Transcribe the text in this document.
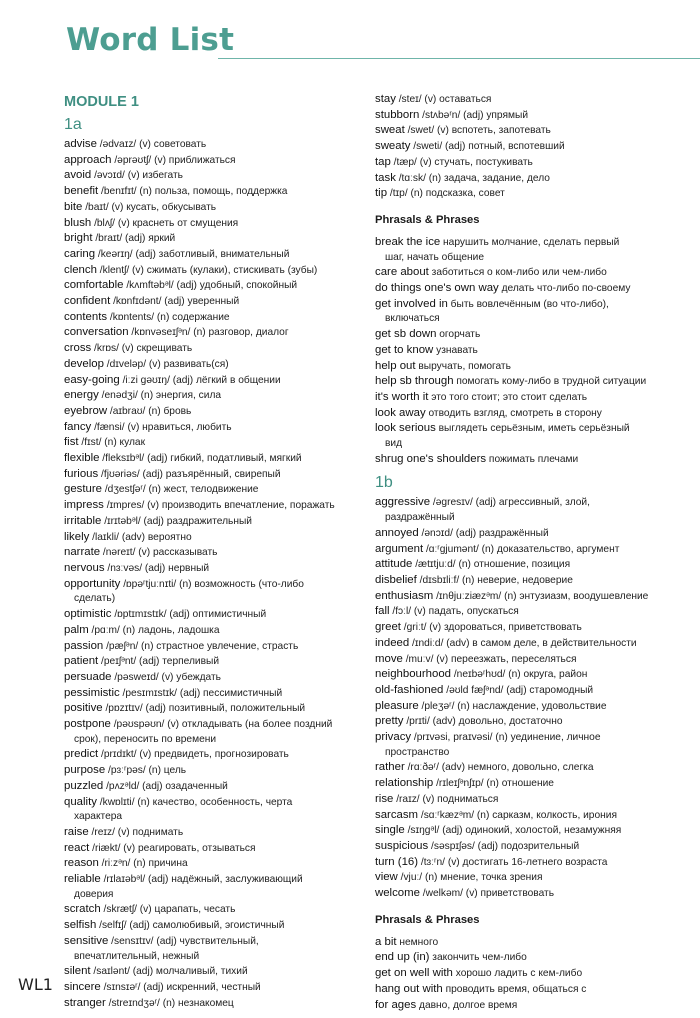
Word List
MODULE 1
1a
advise /ədvaɪz/ (v) советовать
approach /əprəʊtʃ/ (v) приближаться
avoid /əvɔɪd/ (v) избегать
benefit /benɪfɪt/ (n) польза, помощь, поддержка
bite /baɪt/ (v) кусать, обкусывать
blush /blʌʃ/ (v) краснеть от смущения
bright /braɪt/ (adj) яркий
caring /keərɪŋ/ (adj) заботливый, внимательный
clench /klentʃ/ (v) сжимать (кулаки), стискивать (зубы)
comfortable /kʌmftəbᵊl/ (adj) удобный, спокойный
confident /kɒnfɪdənt/ (adj) уверенный
contents /kɒntents/ (n) содержание
conversation /kɒnvəseɪʃᵊn/ (n) разговор, диалог
cross /krɒs/ (v) скрещивать
develop /dɪveləp/ (v) развивать(ся)
easy-going /iːzi gəʊɪŋ/ (adj) лёгкий в общении
energy /enədʒi/ (n) энергия, сила
eyebrow /aɪbraʊ/ (n) бровь
fancy /fænsi/ (v) нравиться, любить
fist /fɪst/ (n) кулак
flexible /fleksɪbᵊl/ (adj) гибкий, податливый, мягкий
furious /fjʊəriəs/ (adj) разъярённый, свирепый
gesture /dʒestʃəʳ/ (n) жест, телодвижение
impress /ɪmpres/ (v) производить впечатление, поражать
irritable /ɪrɪtəbᵊl/ (adj) раздражительный
likely /laɪkli/ (adv) вероятно
narrate /nəreɪt/ (v) рассказывать
nervous /nɜːvəs/ (adj) нервный
opportunity /ɒpəʳtjuːnɪti/ (n) возможность (что-либо
сделать)
optimistic /ɒptɪmɪstɪk/ (adj) оптимистичный
palm /pɑːm/ (n) ладонь, ладошка
passion /pæʃᵊn/ (n) страстное увлечение, страсть
patient /peɪʃᵊnt/ (adj) терпеливый
persuade /pəsweɪd/ (v) убеждать
pessimistic /pesɪmɪstɪk/ (adj) пессимистичный
positive /pɒzɪtɪv/ (adj) позитивный, положительный
postpone /pəʊspəʊn/ (v) откладывать (на более поздний
срок), переносить по времени
predict /prɪdɪkt/ (v) предвидеть, прогнозировать
purpose /pɜːʳpəs/ (n) цель
puzzled /pʌzᵊld/ (adj) озадаченный
quality /kwɒlɪti/ (n) качество, особенность, черта
характера
raise /reɪz/ (v) поднимать
react /riækt/ (v) реагировать, отзываться
reason /riːzᵊn/ (n) причина
reliable /rɪlaɪəbᵊl/ (adj) надёжный, заслуживающий
доверия
scratch /skrætʃ/ (v) царапать, чесать
selfish /selfɪʃ/ (adj) самолюбивый, эгоистичный
sensitive /sensɪtɪv/ (adj) чувствительный,
впечатлительный, нежный
silent /saɪlənt/ (adj) молчаливый, тихий
sincere /sɪnsɪəʳ/ (adj) искренний, честный
stranger /streɪndʒəʳ/ (n) незнакомец
stay /steɪ/ (v) оставаться
stubborn /stʌbəʳn/ (adj) упрямый
sweat /swet/ (v) вспотеть, запотевать
sweaty /sweti/ (adj) потный, вспотевший
tap /tæp/ (v) стучать, постукивать
task /tɑːsk/ (n) задача, задание, дело
tip /tɪp/ (n) подсказка, совет
Phrasals & Phrases
break the ice нарушить молчание, сделать первый
шаг, начать общение
care about заботиться о ком-либо или чем-либо
do things one's own way делать что-либо по-своему
get involved in быть вовлечённым (во что-либо),
включаться
get sb down огорчать
get to know узнавать
help out выручать, помогать
help sb through помогать кому-либо в трудной ситуации
it's worth it это того стоит; это стоит сделать
look away отводить взгляд, смотреть в сторону
look serious выглядеть серьёзным, иметь серьёзный
вид
shrug one's shoulders пожимать плечами
1b
aggressive /əgresɪv/ (adj) агрессивный, злой,
раздражённый
annoyed /ənɔɪd/ (adj) раздражённый
argument /ɑːʳgjumənt/ (n) доказательство, аргумент
attitude /ætɪtjuːd/ (n) отношение, позиция
disbelief /dɪsbɪliːf/ (n) неверие, недоверие
enthusiasm /ɪnθjuːziæzᵊm/ (n) энтузиазм, воодушевление
fall /fɔːl/ (v) падать, опускаться
greet /griːt/ (v) здороваться, приветствовать
indeed /ɪndiːd/ (adv) в самом деле, в действительности
move /muːv/ (v) переезжать, переселяться
neighbourhood /neɪbəʳhʊd/ (n) округа, район
old-fashioned /əʊld fæʃᵊnd/ (adj) старомодный
pleasure /pleʒəʳ/ (n) наслаждение, удовольствие
pretty /prɪti/ (adv) довольно, достаточно
privacy /prɪvəsi, praɪvəsi/ (n) уединение, личное
пространство
rather /rɑːðəʳ/ (adv) немного, довольно, слегка
relationship /rɪleɪʃᵊnʃɪp/ (n) отношение
rise /raɪz/ (v) подниматься
sarcasm /sɑːʳkæzᵊm/ (n) сарказм, колкость, ирония
single /sɪŋgᵊl/ (adj) одинокий, холостой, незамужняя
suspicious /səspɪʃəs/ (adj) подозрительный
turn (16) /tɜːʳn/ (v) достигать 16-летнего возраста
view /vjuː/ (n) мнение, точка зрения
welcome /welkəm/ (v) приветствовать
Phrasals & Phrases
a bit немного
end up (in) закончить чем-либо
get on well with хорошо ладить с кем-либо
hang out with проводить время, общаться с
for ages давно, долгое время
WL1
